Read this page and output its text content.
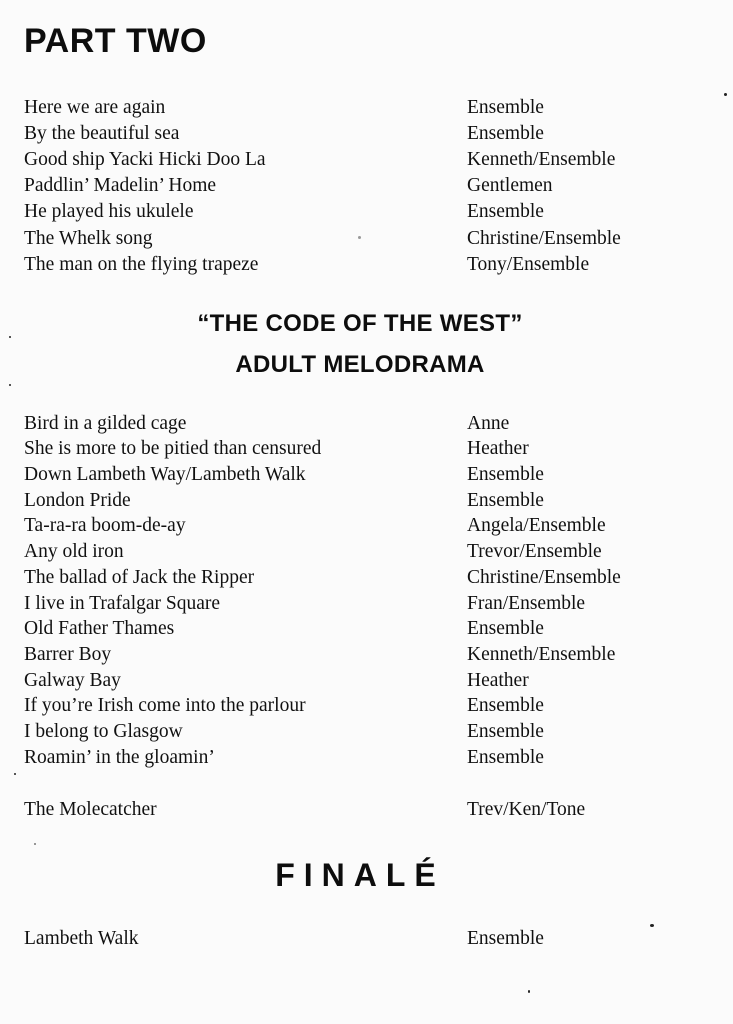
PART TWO
Here we are again	Ensemble
By the beautiful sea	Ensemble
Good ship Yacki Hicki Doo La	Kenneth/Ensemble
Paddlin’ Madelin’ Home	Gentlemen
He played his ukulele	Ensemble
The Whelk song	Christine/Ensemble
The man on the flying trapeze	Tony/Ensemble
“THE CODE OF THE WEST”
ADULT MELODRAMA
Bird in a gilded cage	Anne
She is more to be pitied than censured	Heather
Down Lambeth Way/Lambeth Walk	Ensemble
London Pride	Ensemble
Ta-ra-ra boom-de-ay	Angela/Ensemble
Any old iron	Trevor/Ensemble
The ballad of Jack the Ripper	Christine/Ensemble
I live in Trafalgar Square	Fran/Ensemble
Old Father Thames	Ensemble
Barrer Boy	Kenneth/Ensemble
Galway Bay	Heather
If you’re Irish come into the parlour	Ensemble
I belong to Glasgow	Ensemble
Roamin’ in the gloamin’	Ensemble
The Molecatcher	Trev/Ken/Tone
FINALÉ
Lambeth Walk	Ensemble
